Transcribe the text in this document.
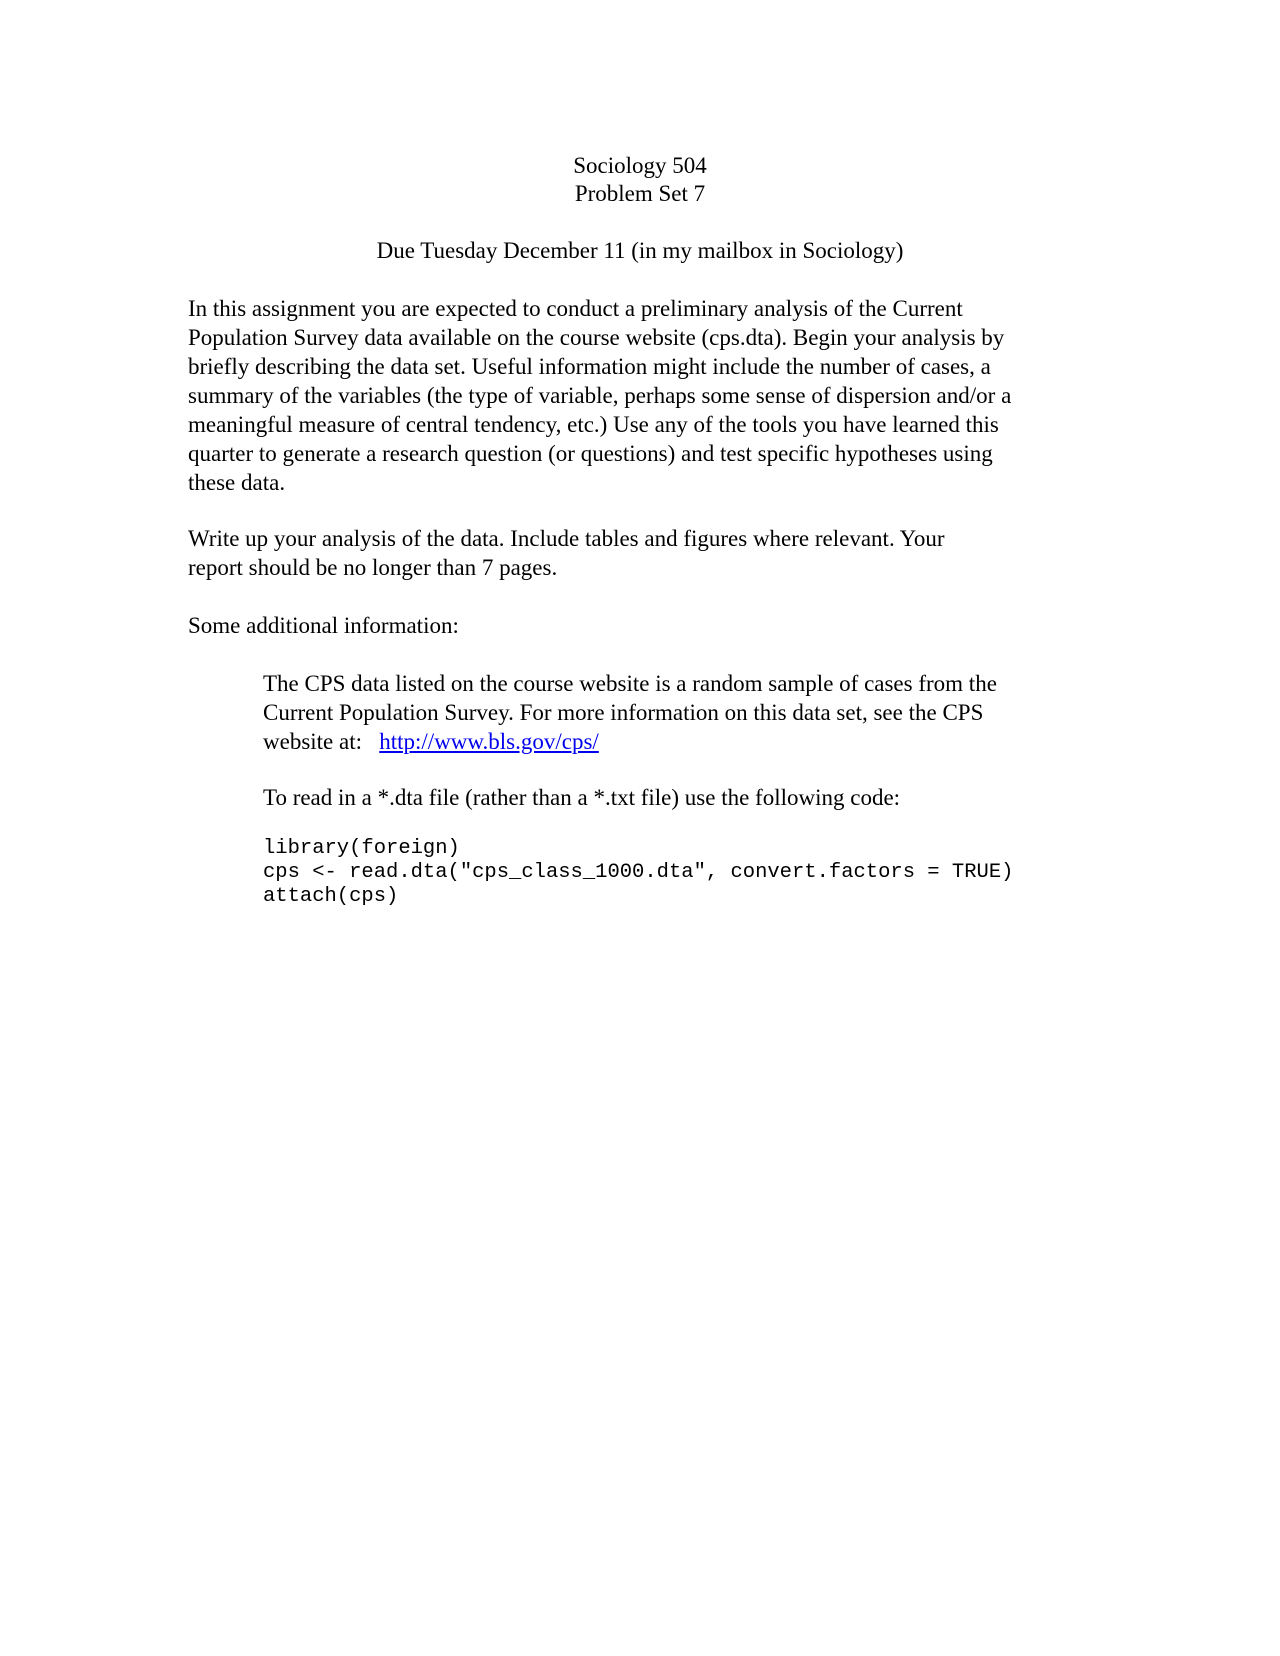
Sociology 504
Problem Set 7
Due Tuesday December 11 (in my mailbox in Sociology)
In this assignment you are expected to conduct a preliminary analysis of the Current
Population Survey data available on the course website (cps.dta). Begin your analysis by
briefly describing the data set. Useful information might include the number of cases, a
summary of the variables (the type of variable, perhaps some sense of dispersion and/or a
meaningful measure of central tendency, etc.) Use any of the tools you have learned this
quarter to generate a research question (or questions) and test specific hypotheses using
these data.
Write up your analysis of the data. Include tables and figures where relevant. Your
report should be no longer than 7 pages.
Some additional information:
The CPS data listed on the course website is a random sample of cases from the
Current Population Survey. For more information on this data set, see the CPS
website at:   http://www.bls.gov/cps/
To read in a *.dta file (rather than a *.txt file) use the following code:
library(foreign)
cps <- read.dta("cps_class_1000.dta", convert.factors = TRUE)
attach(cps)
